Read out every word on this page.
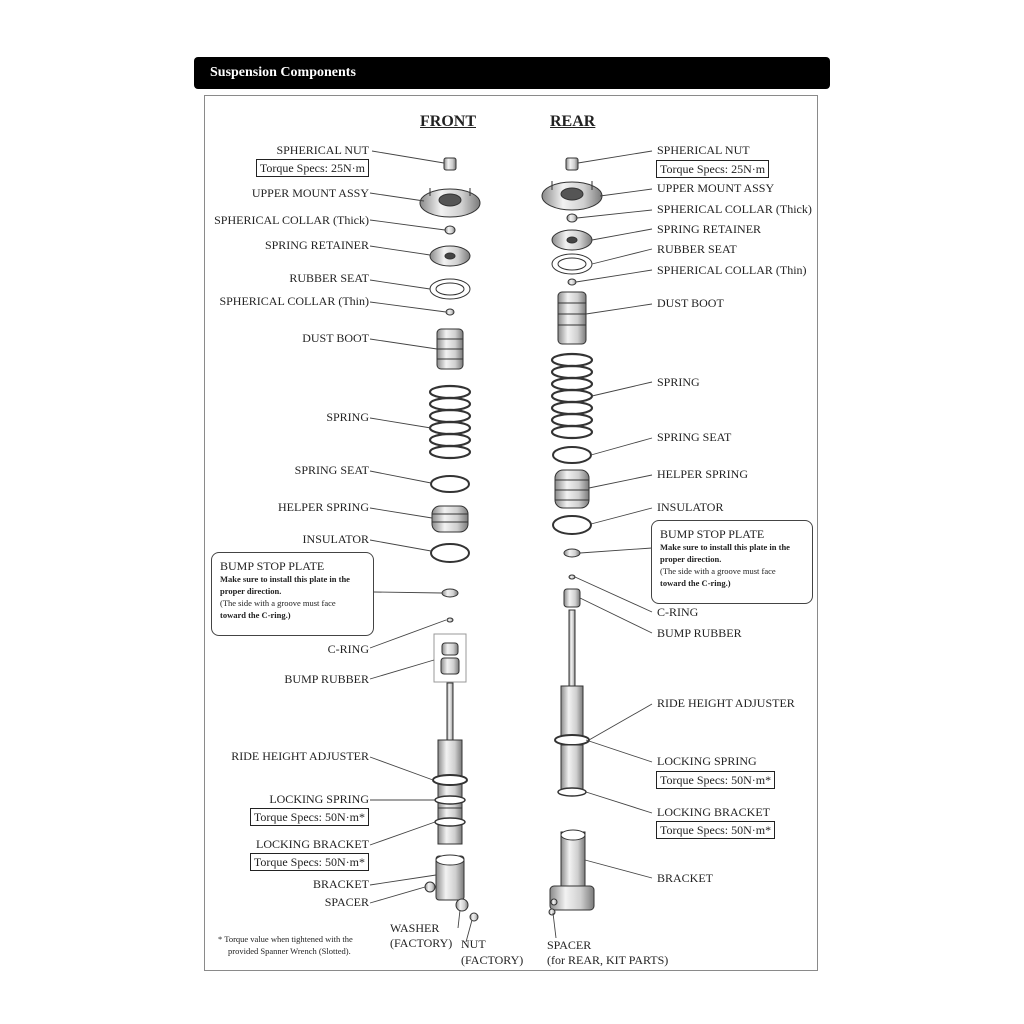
Suspension Components
FRONT	REAR
SPHERICAL NUT
Torque Specs: 25N·m
UPPER MOUNT ASSY
SPHERICAL COLLAR (Thick)
SPRING RETAINER
RUBBER SEAT
SPHERICAL COLLAR (Thin)
DUST BOOT
SPRING
SPRING SEAT
HELPER SPRING
INSULATOR
C-RING
BUMP RUBBER
RIDE HEIGHT ADJUSTER
LOCKING SPRING
Torque Specs: 50N·m*
LOCKING BRACKET
Torque Specs: 50N·m*
BRACKET
SPACER
WASHER
(FACTORY) NUT
(FACTORY)
SPHERICAL NUT
Torque Specs: 25N·m
UPPER MOUNT ASSY
SPHERICAL COLLAR (Thick)
SPRING RETAINER
RUBBER SEAT
SPHERICAL COLLAR (Thin)
DUST BOOT
SPRING
SPRING SEAT
HELPER SPRING
INSULATOR
C-RING
BUMP RUBBER
RIDE HEIGHT ADJUSTER
LOCKING SPRING
Torque Specs: 50N·m*
LOCKING BRACKET
Torque Specs: 50N·m*
BRACKET
SPACER
(for REAR, KIT PARTS)
BUMP STOP PLATE
Make sure to install this plate in the
proper direction.
(The side with a groove must face
toward the C-ring.)
BUMP STOP PLATE
Make sure to install this plate in the
proper direction.
(The side with a groove must face
toward the C-ring.)
* Torque value when tightened with the
provided Spanner Wrench (Slotted).
